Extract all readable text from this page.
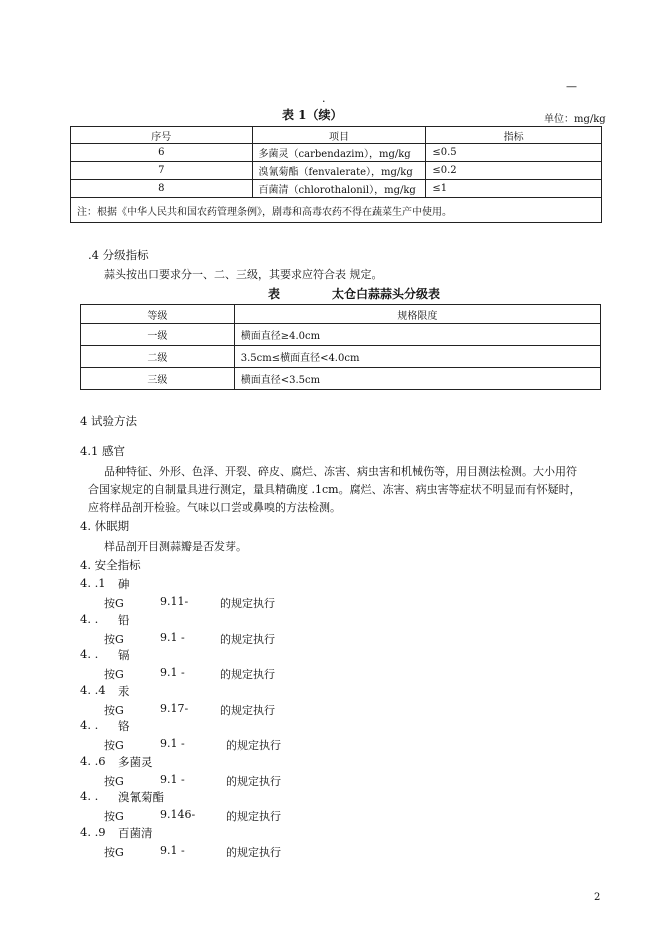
—
.
表 1（续）	单位：mg/kg
序号	项目	指标
6	多菌灵（carbendazim），mg/kg	≤0.5
7	溴氰菊酯（fenvalerate），mg/kg	≤0.2
8	百菌清（chlorothalonil），mg/kg	≤1
注：根据《中华人民共和国农药管理条例》，剧毒和高毒农药不得在蔬菜生产中使用。		
.4 分级指标
蒜头按出口要求分一、二、三级，其要求应符合表 规定。
表	太仓白蒜蒜头分级表
等级	规格限度
一级	横面直径≥4.0cm
二级	3.5cm≤横面直径<4.0cm
三级	横面直径<3.5cm
4 试验方法
4.1 感官
品种特征、外形、色泽、开裂、碎皮、腐烂、冻害、病虫害和机械伤等，用目测法检测。大小用符
合国家规定的自制量具进行测定，量具精确度 .1cm。腐烂、冻害、病虫害等症状不明显而有怀疑时，
应将样品剖开检验。气味以口尝或鼻嗅的方法检测。
4. 休眠期
样品剖开目测蒜瓣是否发芽。
4. 安全指标
4. .1 砷
按G	9.11-	的规定执行
4. . 铅
按G	9.1 -	的规定执行
4. . 镉
按G	9.1 -	的规定执行
4. .4 汞
按G	9.17-	的规定执行
4. . 铬
按G	9.1 -	的规定执行
4. .6 多菌灵
按G	9.1 -	的规定执行
4. . 溴氰菊酯
按G	9.146-	的规定执行
4. .9 百菌清
按G	9.1 -	的规定执行
2
